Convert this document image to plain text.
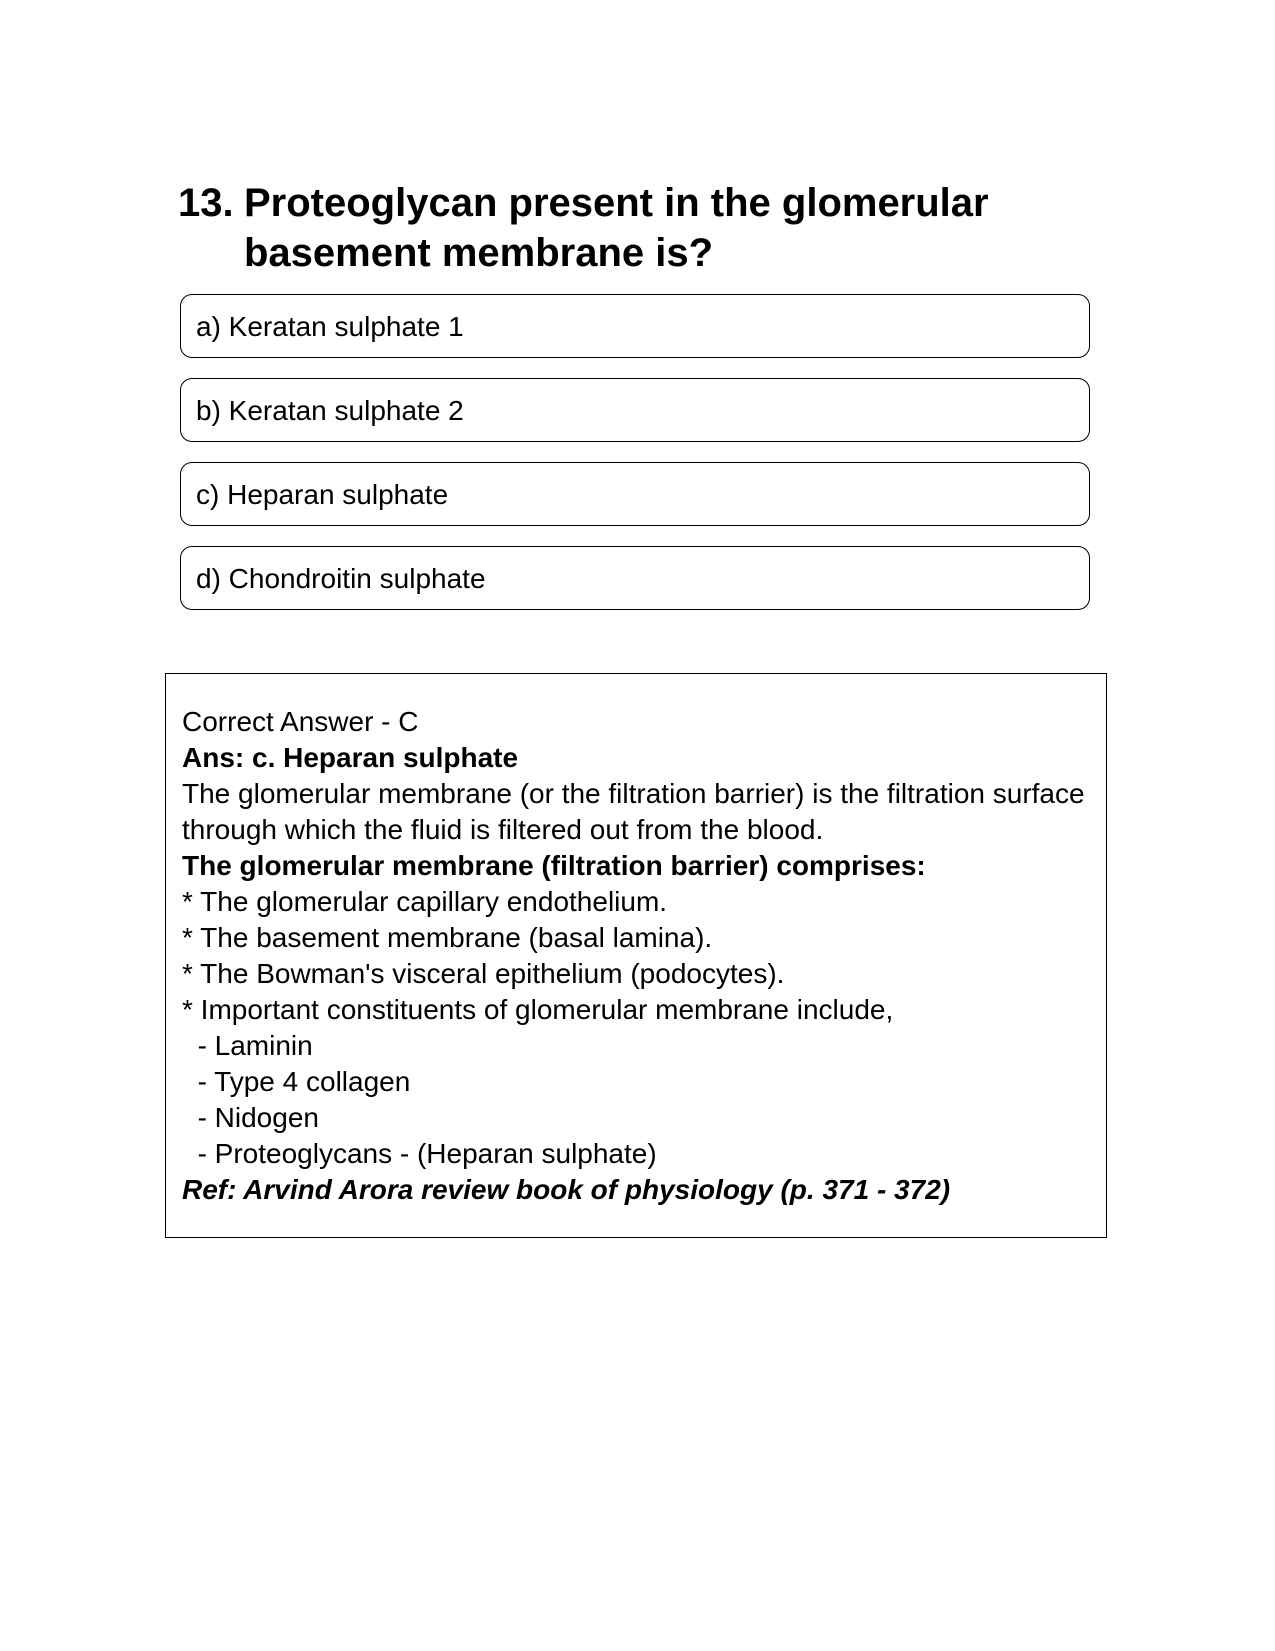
13. Proteoglycan present in the glomerular basement membrane is?
a) Keratan sulphate 1
b) Keratan sulphate 2
c) Heparan sulphate
d) Chondroitin sulphate
Correct Answer - C
Ans: c. Heparan sulphate
The glomerular membrane (or the filtration barrier) is the filtration surface through which the fluid is filtered out from the blood.
The glomerular membrane (filtration barrier) comprises:
* The glomerular capillary endothelium.
* The basement membrane (basal lamina).
* The Bowman's visceral epithelium (podocytes).
* Important constituents of glomerular membrane include,
- Laminin
- Type 4 collagen
- Nidogen
- Proteoglycans - (Heparan sulphate)
Ref: Arvind Arora review book of physiology (p. 371 - 372)
